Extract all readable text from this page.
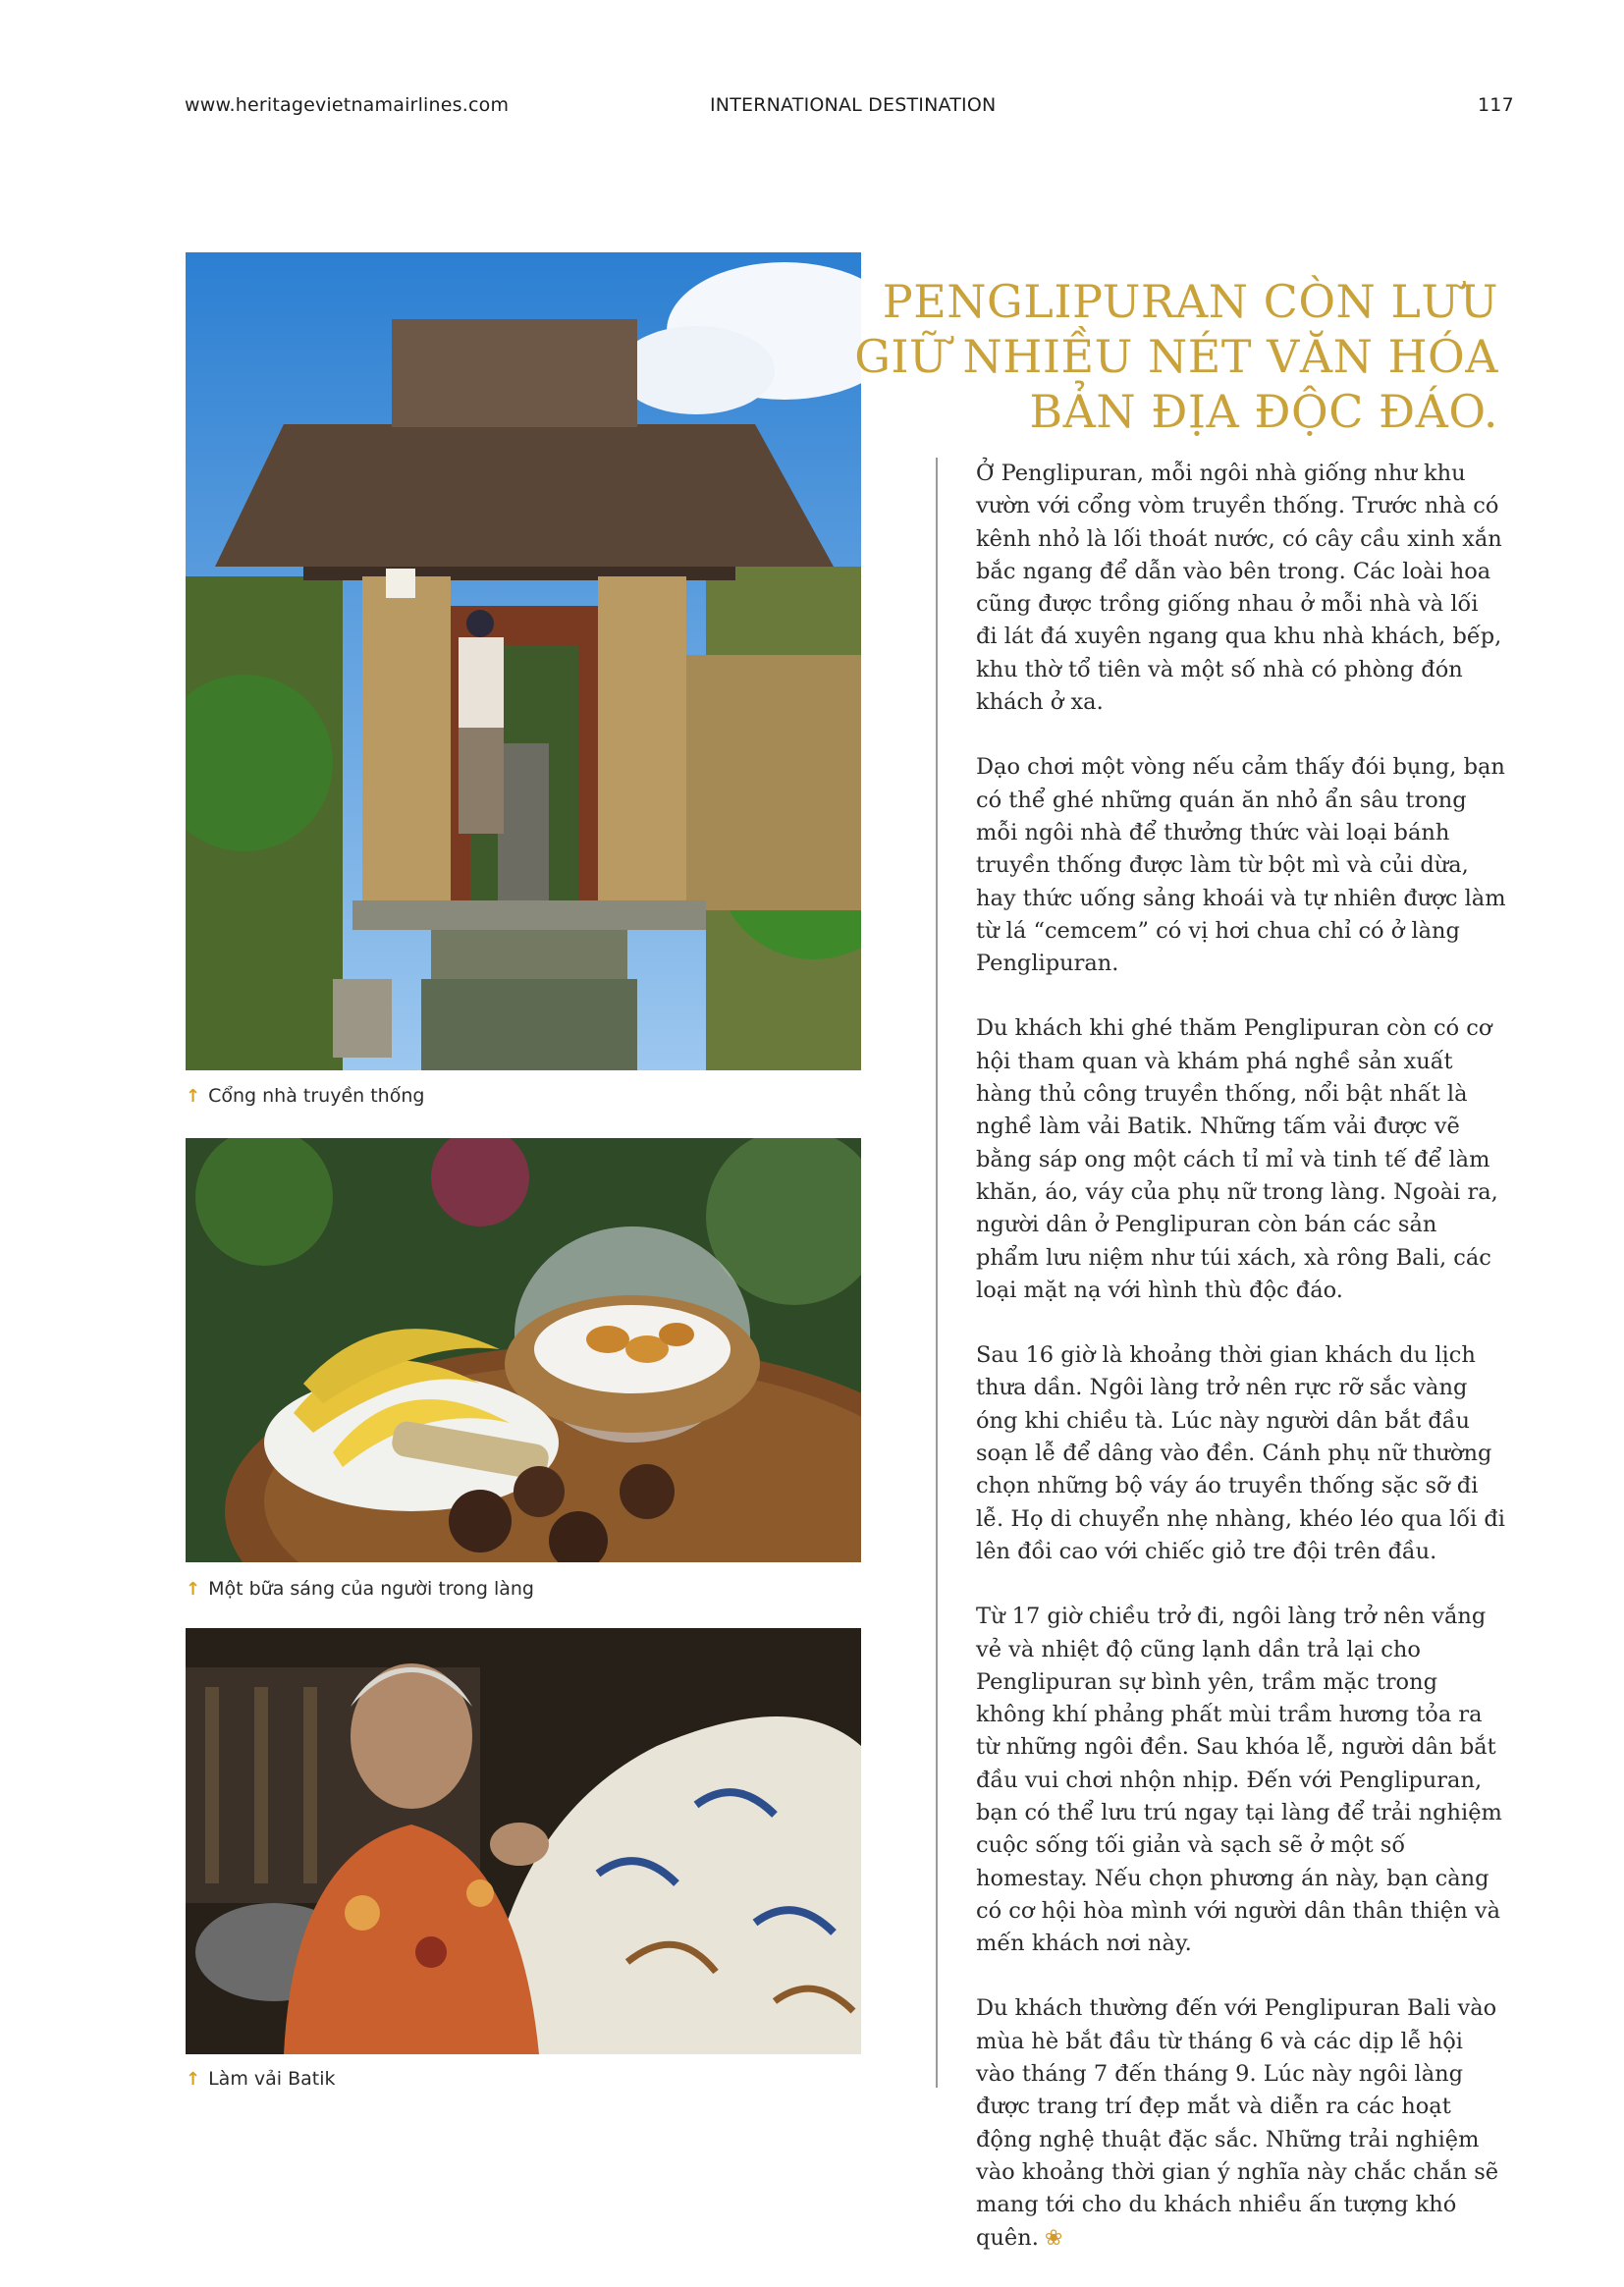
www.heritagevietnamairlines.com	INTERNATIONAL DESTINATION	117
↑ Cổng nhà truyền thống
↑ Một bữa sáng của người trong làng
↑ Làm vải Batik
PENGLIPURAN CÒN LƯU GIỮ NHIỀU NÉT VĂN HÓA BẢN ĐỊA ĐỘC ĐÁO.

Ở Penglipuran, mỗi ngôi nhà giống như khu vườn với cổng vòm truyền thống. Trước nhà có kênh nhỏ là lối thoát nước, có cây cầu xinh xắn bắc ngang để dẫn vào bên trong. Các loài hoa cũng được trồng giống nhau ở mỗi nhà và lối đi lát đá xuyên ngang qua khu nhà khách, bếp, khu thờ tổ tiên và một số nhà có phòng đón khách ở xa.

Dạo chơi một vòng nếu cảm thấy đói bụng, bạn có thể ghé những quán ăn nhỏ ẩn sâu trong mỗi ngôi nhà để thưởng thức vài loại bánh truyền thống được làm từ bột mì và củi dừa, hay thức uống sảng khoái và tự nhiên được làm từ lá “cemcem” có vị hơi chua chỉ có ở làng Penglipuran.

Du khách khi ghé thăm Penglipuran còn có cơ hội tham quan và khám phá nghề sản xuất hàng thủ công truyền thống, nổi bật nhất là nghề làm vải Batik. Những tấm vải được vẽ bằng sáp ong một cách tỉ mỉ và tinh tế để làm khăn, áo, váy của phụ nữ trong làng. Ngoài ra, người dân ở Penglipuran còn bán các sản phẩm lưu niệm như túi xách, xà rông Bali, các loại mặt nạ với hình thù độc đáo.

Sau 16 giờ là khoảng thời gian khách du lịch thưa dần. Ngôi làng trở nên rực rỡ sắc vàng óng khi chiều tà. Lúc này người dân bắt đầu soạn lễ để dâng vào đền. Cánh phụ nữ thường chọn những bộ váy áo truyền thống sặc sỡ đi lễ. Họ di chuyển nhẹ nhàng, khéo léo qua lối đi lên đồi cao với chiếc giỏ tre đội trên đầu.

Từ 17 giờ chiều trở đi, ngôi làng trở nên vắng vẻ và nhiệt độ cũng lạnh dần trả lại cho Penglipuran sự bình yên, trầm mặc trong không khí phảng phất mùi trầm hương tỏa ra từ những ngôi đền. Sau khóa lễ, người dân bắt đầu vui chơi nhộn nhịp. Đến với Penglipuran, bạn có thể lưu trú ngay tại làng để trải nghiệm cuộc sống tối giản và sạch sẽ ở một số homestay. Nếu chọn phương án này, bạn càng có cơ hội hòa mình với người dân thân thiện và mến khách nơi này.

Du khách thường đến với Penglipuran Bali vào mùa hè bắt đầu từ tháng 6 và các dịp lễ hội vào tháng 7 đến tháng 9. Lúc này ngôi làng được trang trí đẹp mắt và diễn ra các hoạt động nghệ thuật đặc sắc. Những trải nghiệm vào khoảng thời gian ý nghĩa này chắc chắn sẽ mang tới cho du khách nhiều ấn tượng khó quên. ❀
